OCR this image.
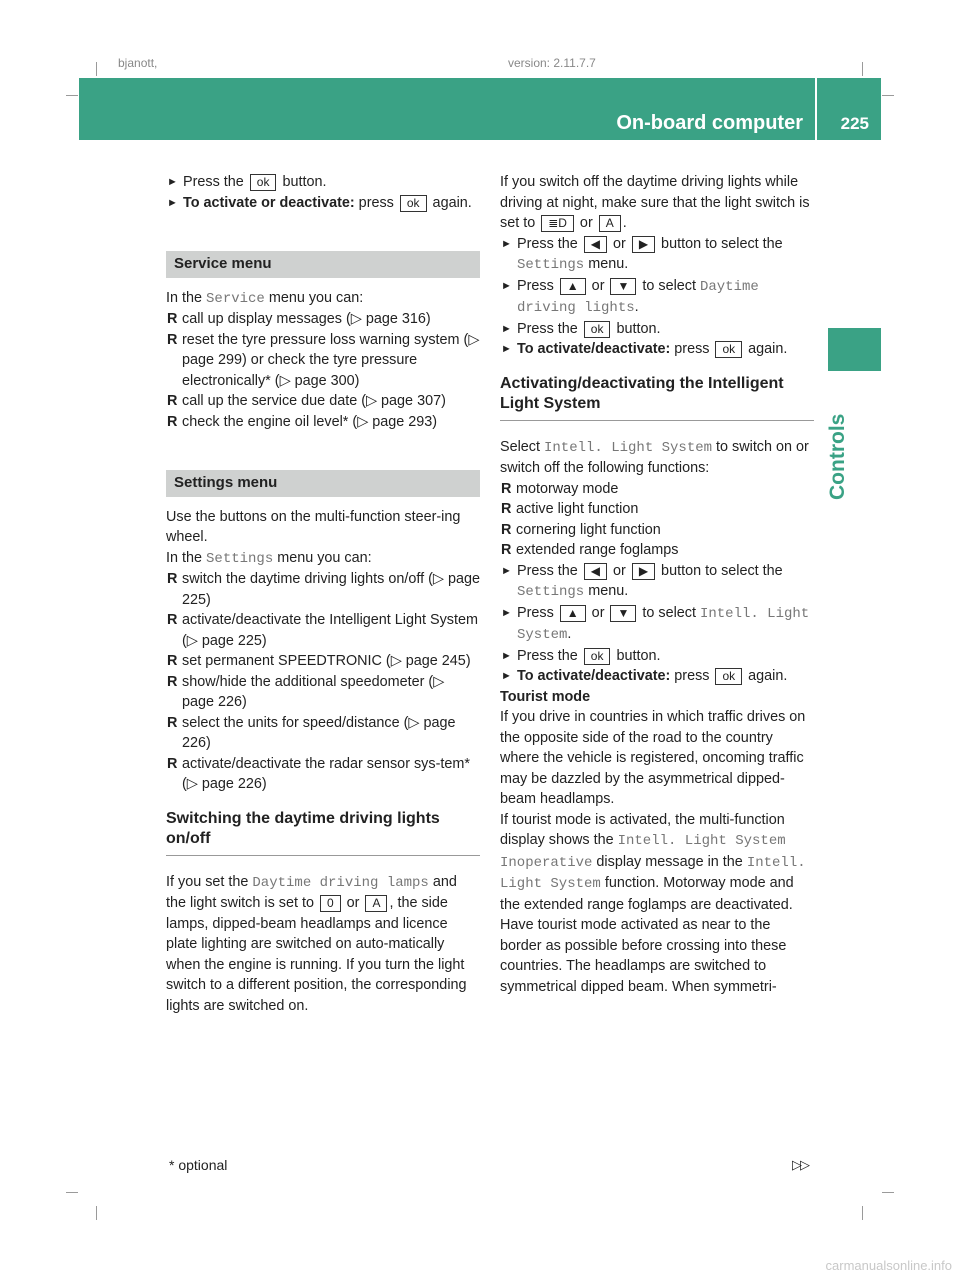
bjanott,	version: 2.11.7.7
On-board computer 225
Controls

► Press the ok button.

► To activate or deactivate: press ok again.

Service menu

In the Service menu you can:

R call up display messages (▷ page 316)

R reset the tyre pressure loss warning system (▷ page 299) or check the tyre pressure electronically* (▷ page 300)

R call up the service due date (▷ page 307)

R check the engine oil level* (▷ page 293)

Settings menu

Use the buttons on the multi-function steer-ing wheel.

In the Settings menu you can:

R switch the daytime driving lights on/off (▷ page 225)

R activate/deactivate the Intelligent Light System (▷ page 225)

R set permanent SPEEDTRONIC (▷ page 245)

R show/hide the additional speedometer (▷ page 226)

R select the units for speed/distance (▷ page 226)

R activate/deactivate the radar sensor sys-tem* (▷ page 226)

Switching the daytime driving lights on/off

If you set the Daytime driving lamps and the light switch is set to 0 or A , the side lamps, dipped-beam headlamps and licence plate lighting are switched on auto-matically when the engine is running. If you turn the light switch to a different position, the corresponding lights are switched on.

If you switch off the daytime driving lights while driving at night, make sure that the light switch is set to ≣D or A .

► Press the ◀ or ▶ button to select the Settings menu.

► Press ▲ or ▼ to select Daytime driving lights.

► Press the ok button.

► To activate/deactivate: press ok again.

Activating/deactivating the Intelligent Light System

Select Intell. Light System to switch on or switch off the following functions:

R motorway mode

R active light function

R cornering light function

R extended range foglamps

► Press the ◀ or ▶ button to select the Settings menu.

► Press ▲ or ▼ to select Intell. Light System.

► Press the ok button.

► To activate/deactivate: press ok again.

Tourist mode

If you drive in countries in which traffic drives on the opposite side of the road to the country where the vehicle is registered, oncoming traffic may be dazzled by the asymmetrical dipped-beam headlamps.

If tourist mode is activated, the multi-function display shows the Intell. Light System Inoperative display message in the Intell. Light System function. Motorway mode and the extended range foglamps are deactivated.

Have tourist mode activated as near to the border as possible before crossing into these countries. The headlamps are switched to symmetrical dipped beam. When symmetri-

* optional	▷▷
carmanualsonline.info
